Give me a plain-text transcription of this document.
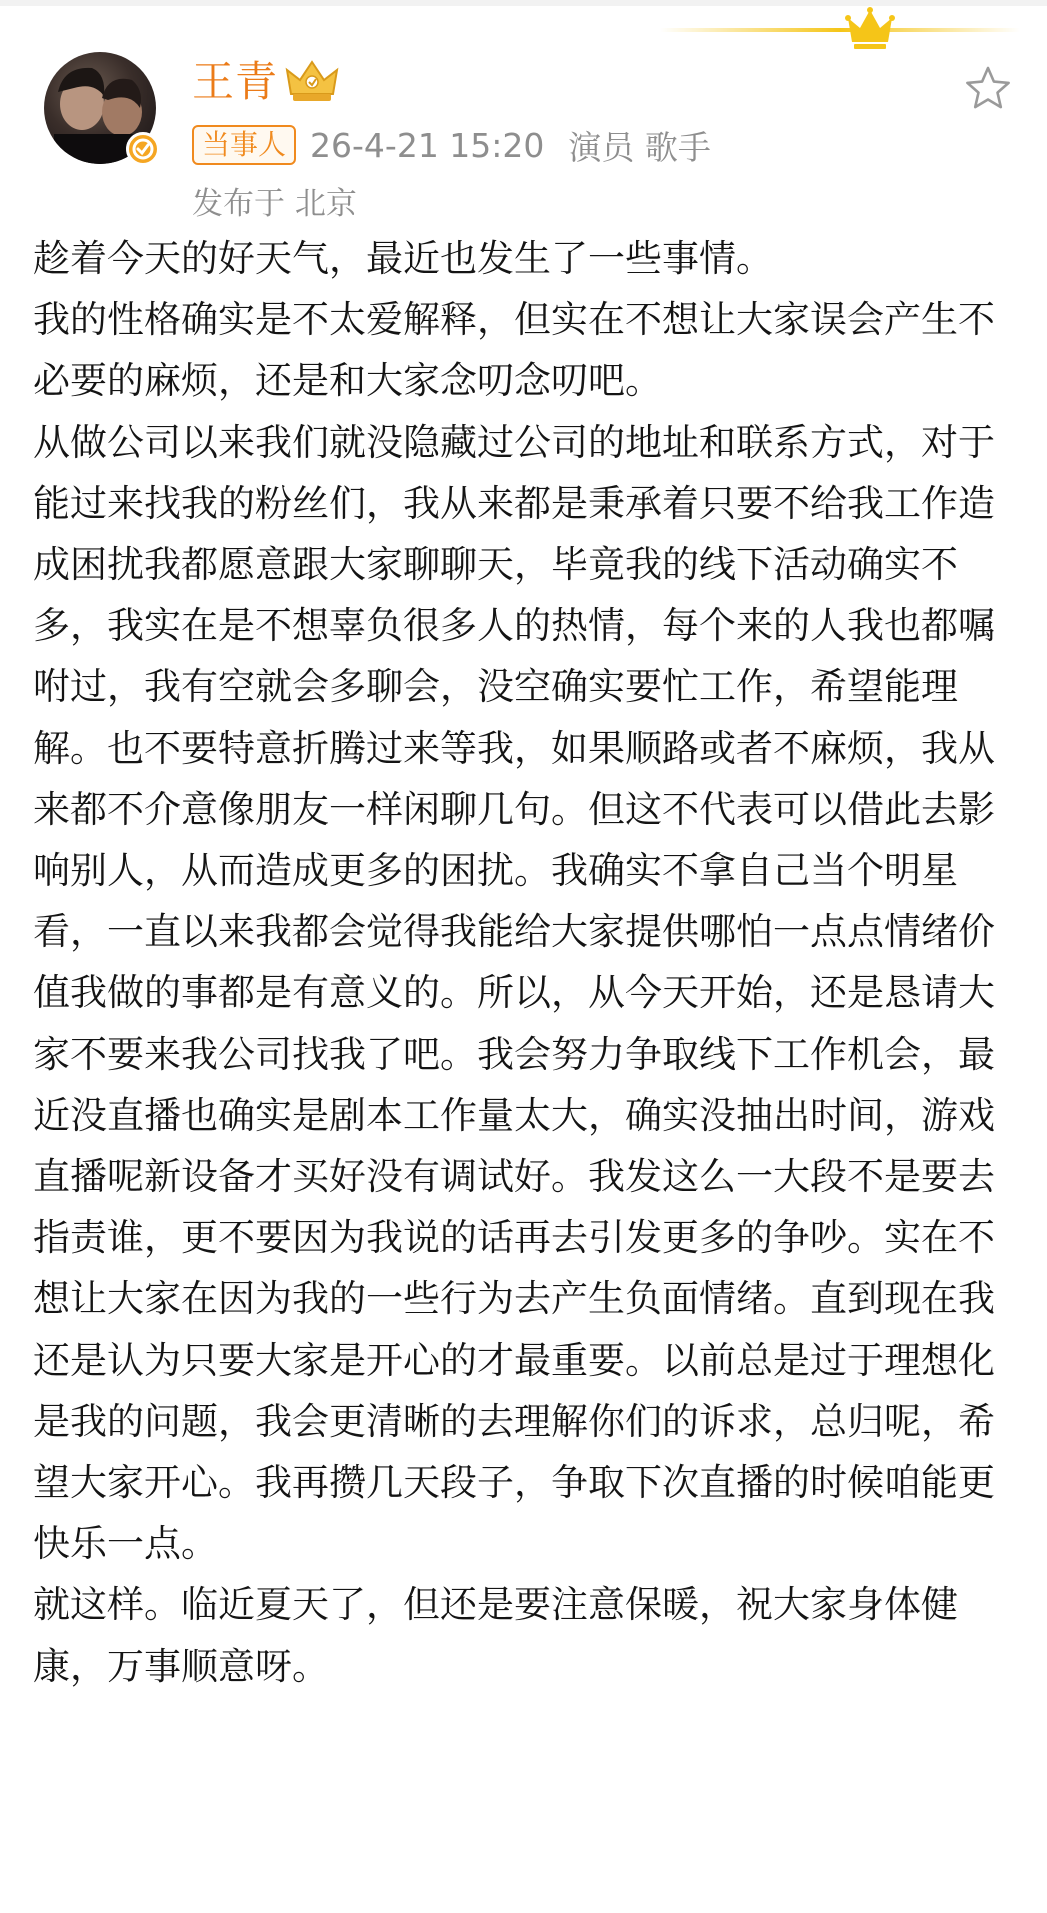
王青
当事人 26-4-21 15:20 演员 歌手
发布于 北京

趁着今天的好天气，最近也发生了一些事情。

我的性格确实是不太爱解释，但实在不想让大家误会产生不必要的麻烦，还是和大家念叨念叨吧。

从做公司以来我们就没隐藏过公司的地址和联系方式，对于能过来找我的粉丝们，我从来都是秉承着只要不给我工作造成困扰我都愿意跟大家聊聊天，毕竟我的线下活动确实不多，我实在是不想辜负很多人的热情，每个来的人我也都嘱咐过，我有空就会多聊会，没空确实要忙工作，希望能理解。也不要特意折腾过来等我，如果顺路或者不麻烦，我从来都不介意像朋友一样闲聊几句。但这不代表可以借此去影响别人，从而造成更多的困扰。我确实不拿自己当个明星看，一直以来我都会觉得我能给大家提供哪怕一点点情绪价值我做的事都是有意义的。所以，从今天开始，还是恳请大家不要来我公司找我了吧。我会努力争取线下工作机会，最近没直播也确实是剧本工作量太大，确实没抽出时间，游戏直播呢新设备才买好没有调试好。我发这么一大段不是要去指责谁，更不要因为我说的话再去引发更多的争吵。实在不想让大家在因为我的一些行为去产生负面情绪。直到现在我还是认为只要大家是开心的才最重要。以前总是过于理想化是我的问题，我会更清晰的去理解你们的诉求，总归呢，希望大家开心。我再攒几天段子，争取下次直播的时候咱能更快乐一点。

就这样。临近夏天了，但还是要注意保暖，祝大家身体健康，万事顺意呀。
